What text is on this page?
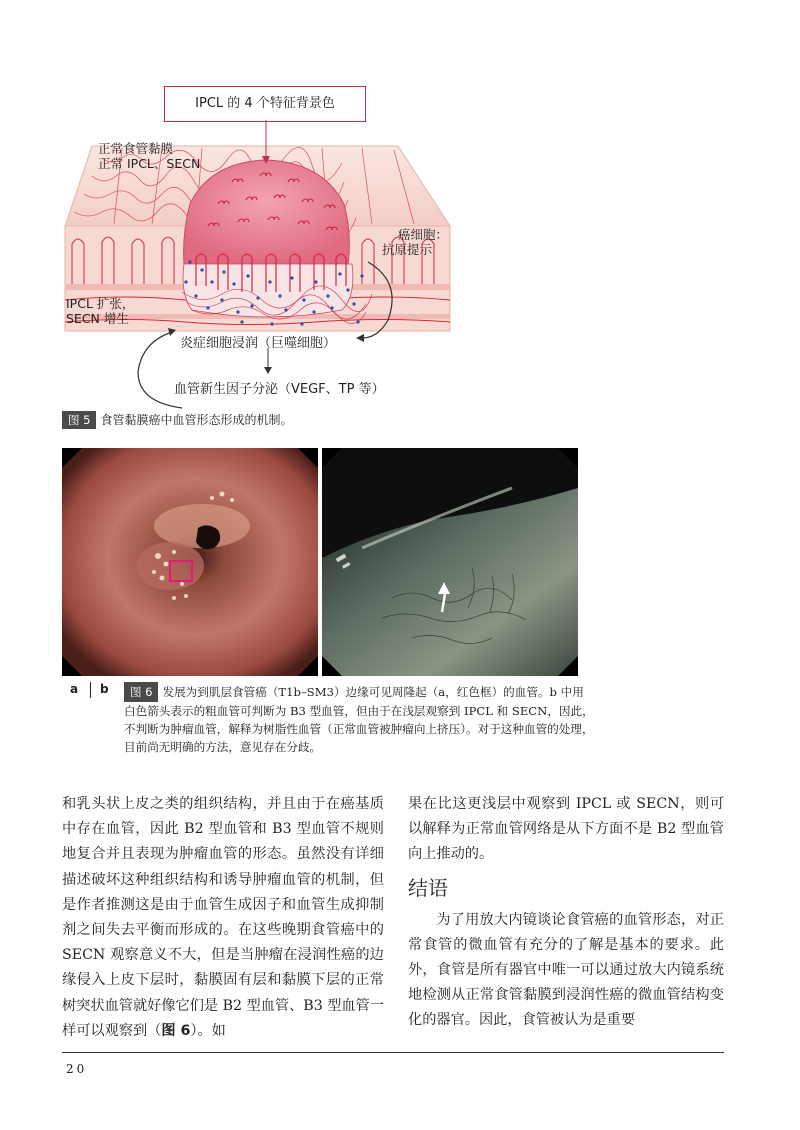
IPCL 的 4 个特征背景色
正常食管黏膜
正常 IPCL、SECN
癌细胞：
抗原提示
IPCL 扩张，
SECN 增生
炎症细胞浸润（巨噬细胞）
血管新生因子分泌（VEGF、TP 等）
图 5 食管黏膜癌中血管形态形成的机制。
a b	图 6 发展为到肌层食管癌（T1b–SM3）边缘可见周隆起（a，红色框）的血管。b 中用白色箭头表示的粗血管可判断为 B3 型血管，但由于在浅层观察到 IPCL 和 SECN，因此，不判断为肿瘤血管，解释为树脂性血管（正常血管被肿瘤向上挤压）。对于这种血管的处理，目前尚无明确的方法，意见存在分歧。
和乳头状上皮之类的组织结构，并且由于在癌基质中存在血管，因此 B2 型血管和 B3 型血管不规则地复合并且表现为肿瘤血管的形态。虽然没有详细描述破坏这种组织结构和诱导肿瘤血管的机制，但是作者推测这是由于血管生成因子和血管生成抑制剂之间失去平衡而形成的。在这些晚期食管癌中的 SECN 观察意义不大，但是当肿瘤在浸润性癌的边缘侵入上皮下层时，黏膜固有层和黏膜下层的正常树突状血管就好像它们是 B2 型血管、B3 型血管一样可以观察到（图 6）。如
果在比这更浅层中观察到 IPCL 或 SECN，则可以解释为正常血管网络是从下方面不是 B2 型血管向上推动的。
结语
为了用放大内镜谈论食管癌的血管形态，对正常食管的微血管有充分的了解是基本的要求。此外，食管是所有器官中唯一可以通过放大内镜系统地检测从正常食管黏膜到浸润性癌的微血管结构变化的器官。因此，食管被认为是重要
20
